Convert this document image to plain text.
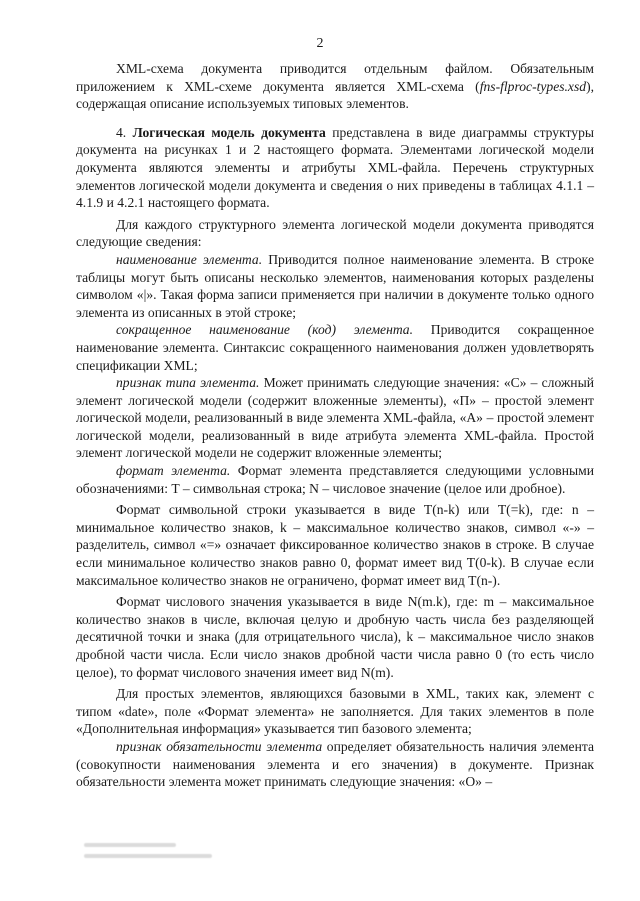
2

XML-схема документа приводится отдельным файлом. Обязательным приложением к XML-схеме документа является XML-схема (fns-flproc-types.xsd), содержащая описание используемых типовых элементов.

4. Логическая модель документа представлена в виде диаграммы структуры документа на рисунках 1 и 2 настоящего формата. Элементами логической модели документа являются элементы и атрибуты XML-файла. Перечень структурных элементов логической модели документа и сведения о них приведены в таблицах 4.1.1 – 4.1.9 и 4.2.1 настоящего формата.

Для каждого структурного элемента логической модели документа приводятся следующие сведения:

наименование элемента. Приводится полное наименование элемента. В строке таблицы могут быть описаны несколько элементов, наименования которых разделены символом «|». Такая форма записи применяется при наличии в документе только одного элемента из описанных в этой строке;

сокращенное наименование (код) элемента. Приводится сокращенное наименование элемента. Синтаксис сокращенного наименования должен удовлетворять спецификации XML;

признак типа элемента. Может принимать следующие значения: «С» – сложный элемент логической модели (содержит вложенные элементы), «П» – простой элемент логической модели, реализованный в виде элемента XML-файла, «А» – простой элемент логической модели, реализованный в виде атрибута элемента XML-файла. Простой элемент логической модели не содержит вложенные элементы;

формат элемента. Формат элемента представляется следующими условными обозначениями: T – символьная строка; N – числовое значение (целое или дробное).

Формат символьной строки указывается в виде T(n-k) или T(=k), где: n – минимальное количество знаков, k – максимальное количество знаков, символ «-» – разделитель, символ «=» означает фиксированное количество знаков в строке. В случае если минимальное количество знаков равно 0, формат имеет вид T(0-k). В случае если максимальное количество знаков не ограничено, формат имеет вид T(n-).

Формат числового значения указывается в виде N(m.k), где: m – максимальное количество знаков в числе, включая целую и дробную часть числа без разделяющей десятичной точки и знака (для отрицательного числа), k – максимальное число знаков дробной части числа. Если число знаков дробной части числа равно 0 (то есть число целое), то формат числового значения имеет вид N(m).

Для простых элементов, являющихся базовыми в XML, таких как, элемент с типом «date», поле «Формат элемента» не заполняется. Для таких элементов в поле «Дополнительная информация» указывается тип базового элемента;

признак обязательности элемента определяет обязательность наличия элемента (совокупности наименования элемента и его значения) в документе. Признак обязательности элемента может принимать следующие значения: «О» –
